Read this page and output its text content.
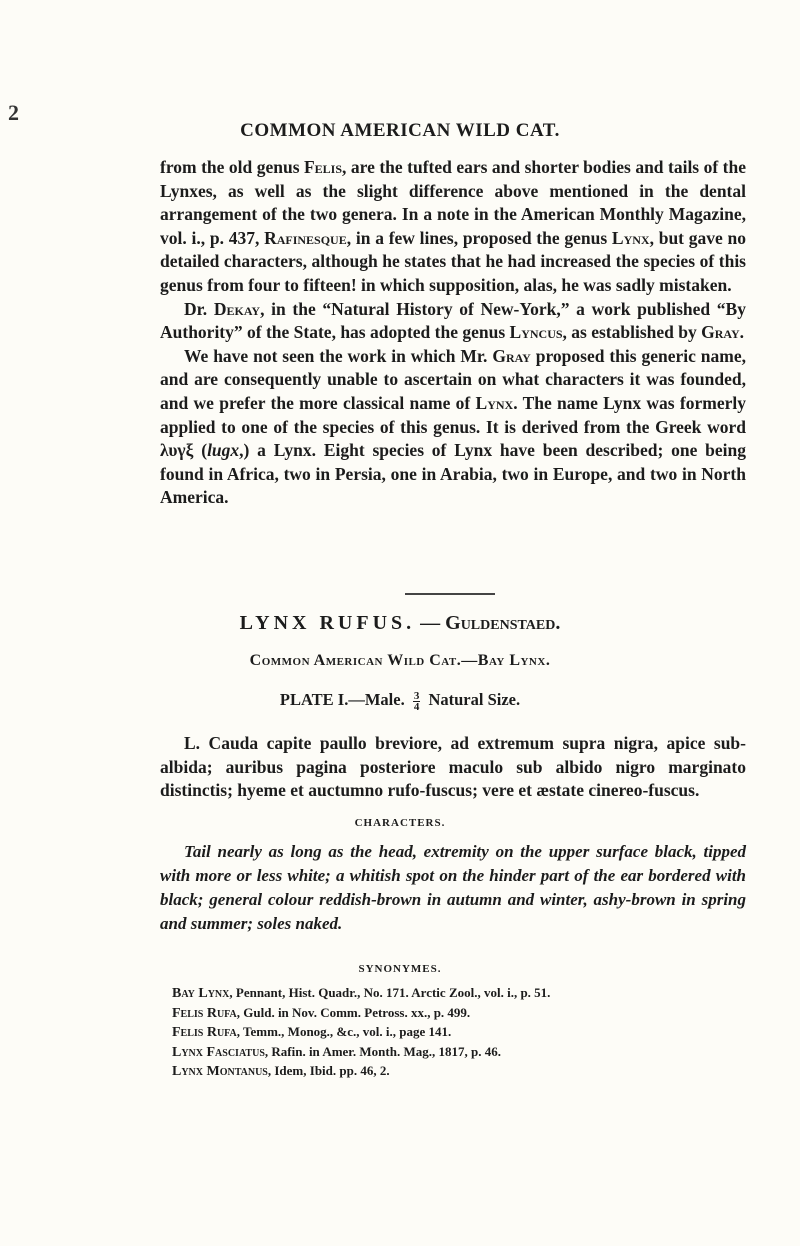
2
COMMON AMERICAN WILD CAT.

from the old genus Felis, are the tufted ears and shorter bodies and tails of the Lynxes, as well as the slight difference above mentioned in the dental arrangement of the two genera. In a note in the American Monthly Magazine, vol. i., p. 437, Rafinesque, in a few lines, proposed the genus Lynx, but gave no detailed characters, although he states that he had increased the species of this genus from four to fifteen! in which supposition, alas, he was sadly mistaken.

Dr. Dekay, in the “Natural History of New-York,” a work published “By Authority” of the State, has adopted the genus Lyncus, as established by Gray.

We have not seen the work in which Mr. Gray proposed this generic name, and are consequently unable to ascertain on what characters it was founded, and we prefer the more classical name of Lynx. The name Lynx was formerly applied to one of the species of this genus. It is derived from the Greek word λυγξ (lugx,) a Lynx. Eight species of Lynx have been described; one being found in Africa, two in Persia, one in Arabia, two in Europe, and two in North America.

LYNX RUFUS. — Guldenstaed.
Common American Wild Cat.—Bay Lynx.
PLATE I.—Male. $\frac{3}{4}$ Natural Size.
L. Cauda capite paullo breviore, ad extremum supra nigra, apice sub-albida; auribus pagina posteriore maculo sub albido nigro marginato distinctis; hyeme et auctumno rufo-fuscus; vere et æstate cinereo-fuscus.
CHARACTERS.
Tail nearly as long as the head, extremity on the upper surface black, tipped with more or less white; a whitish spot on the hinder part of the ear bordered with black; general colour reddish-brown in autumn and winter, ashy-brown in spring and summer; soles naked.
SYNONYMES.
Bay Lynx, Pennant, Hist. Quadr., No. 171. Arctic Zool., vol. i., p. 51.
Felis Rufa, Guld. in Nov. Comm. Petross. xx., p. 499.
Felis Rufa, Temm., Monog., &c., vol. i., page 141.
Lynx Fasciatus, Rafin. in Amer. Month. Mag., 1817, p. 46.
Lynx Montanus, Idem, Ibid. pp. 46, 2.
